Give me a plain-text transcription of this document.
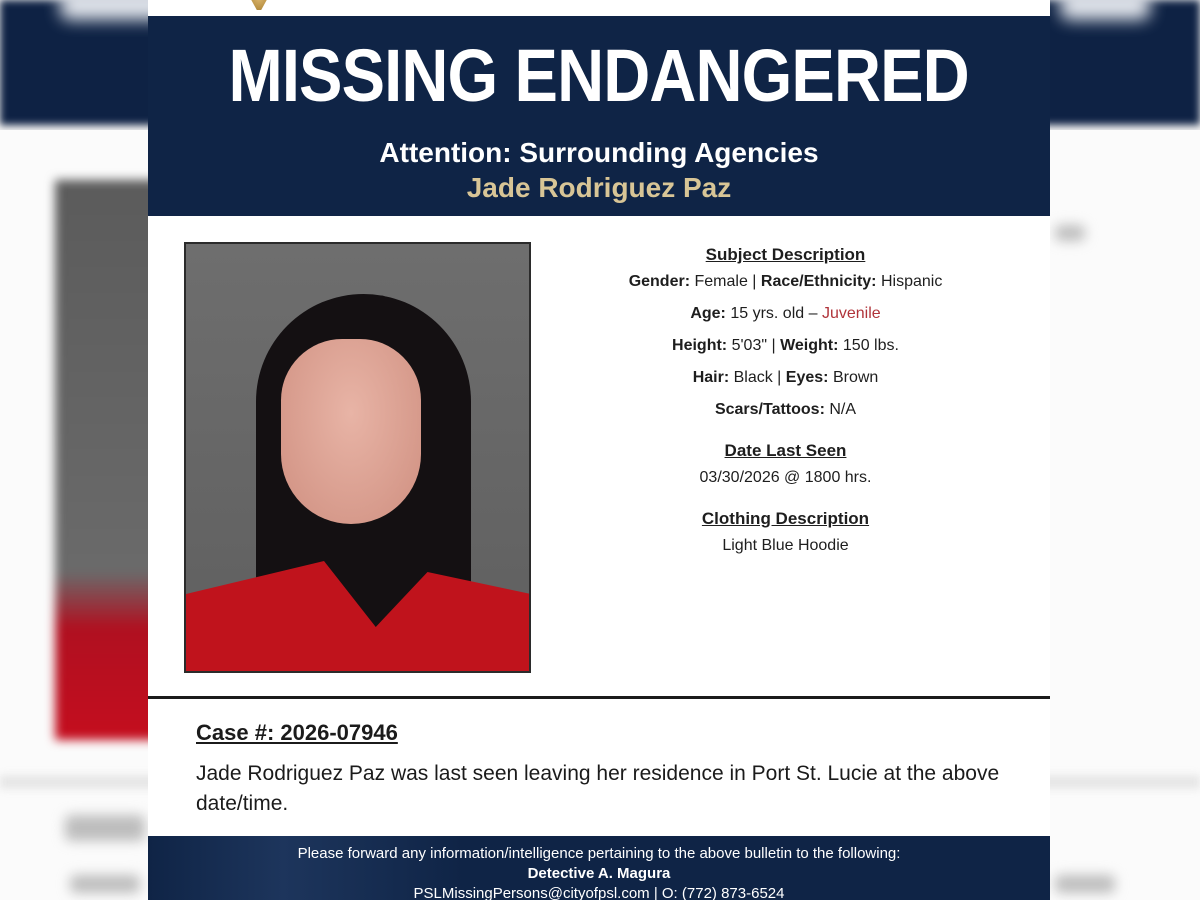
MISSING ENDANGERED
Attention: Surrounding Agencies
Jade Rodriguez Paz
Subject Description
Gender: Female | Race/Ethnicity: Hispanic
Age: 15 yrs. old – Juvenile
Height: 5'03" | Weight: 150 lbs.
Hair: Black | Eyes: Brown
Scars/Tattoos: N/A
Date Last Seen
03/30/2026 @ 1800 hrs.
Clothing Description
Light Blue Hoodie
Case #: 2026-07946
Jade Rodriguez Paz was last seen leaving her residence in Port St. Lucie at the above date/time.
Please forward any information/intelligence pertaining to the above bulletin to the following:
Detective A. Magura
PSLMissingPersons@cityofpsl.com | O: (772) 873-6524
